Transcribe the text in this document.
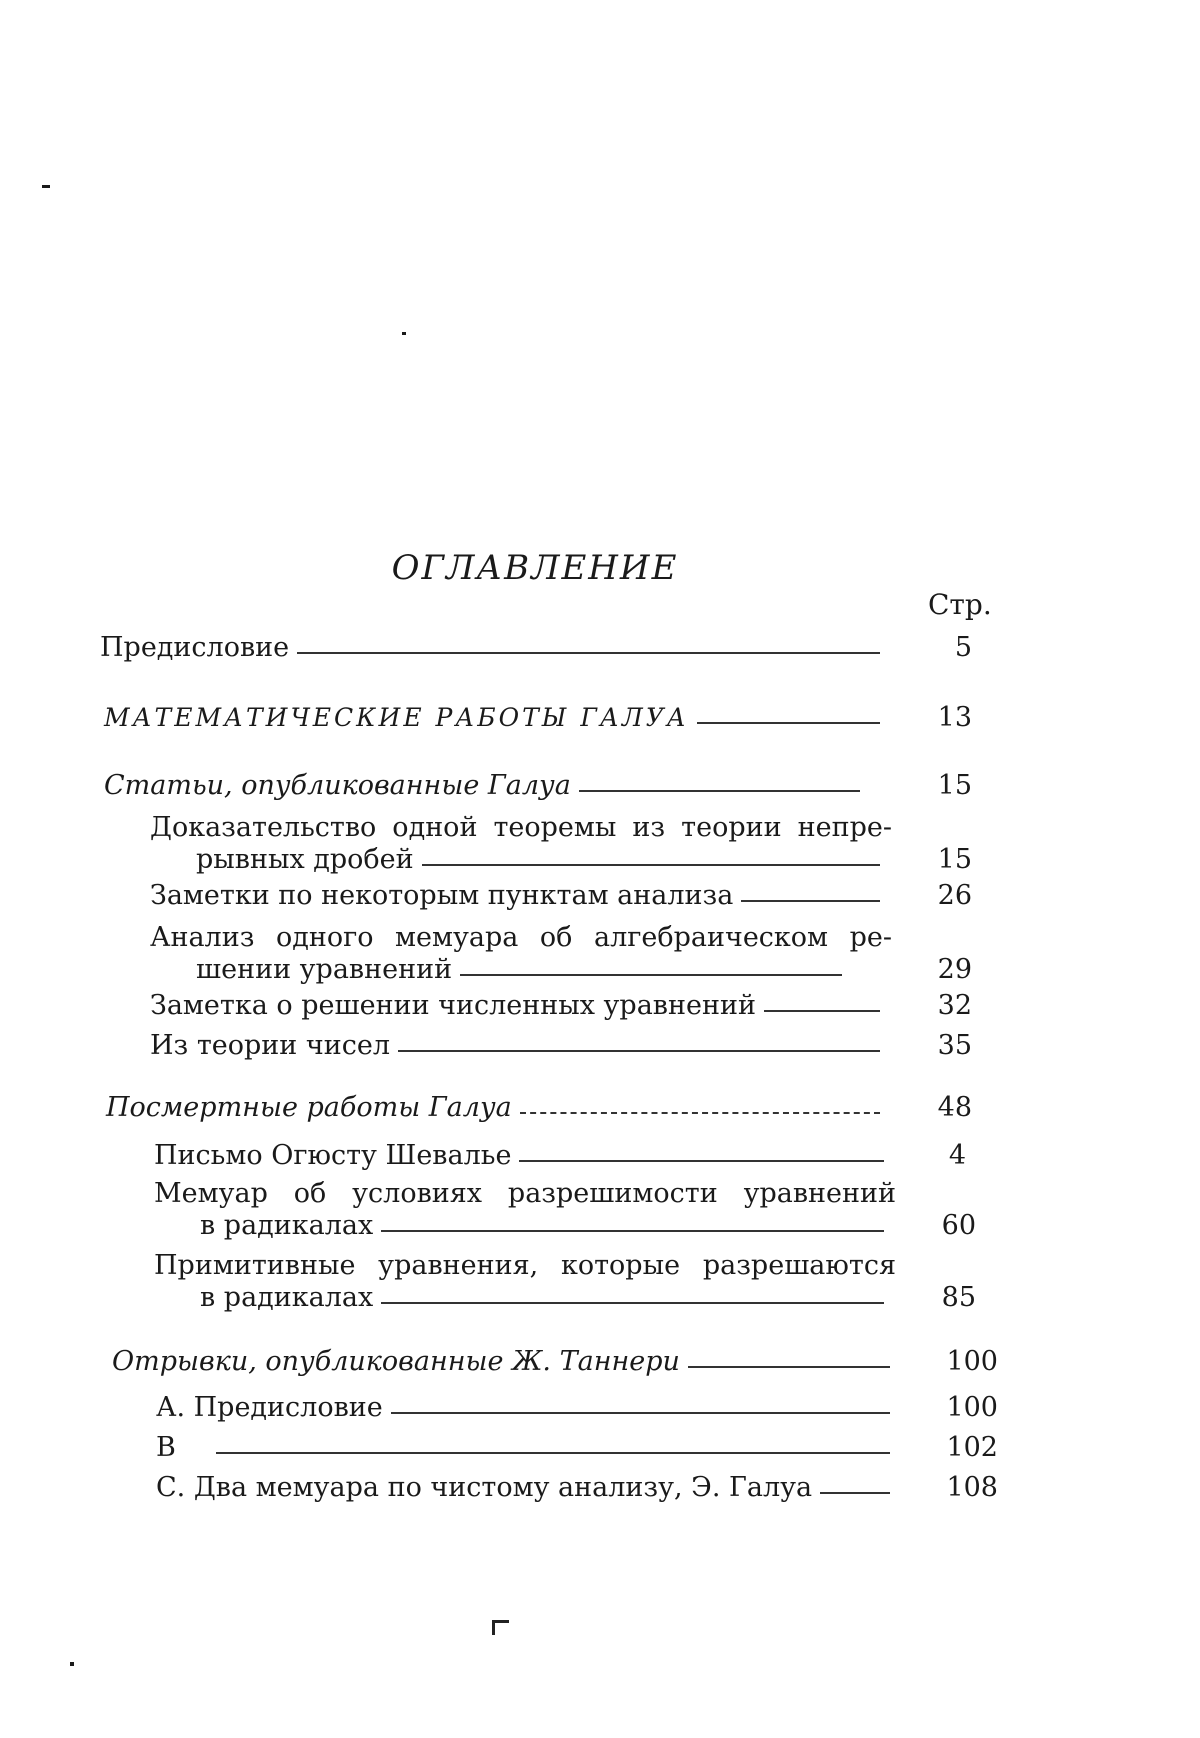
ОГЛАВЛЕНИЕ
Стр.
Предисловие	5
МАТЕМАТИЧЕСКИЕ РАБОТЫ ГАЛУА	13
Статьи, опубликованные Галуа	15
Доказательство одной теоремы из теории непре-
рывных дробей	15
Заметки по некоторым пунктам анализа	26
Анализ одного мемуара об алгебраическом ре-
шении уравнений	29
Заметка о решении численных уравнений	32
Из теории чисел	35
Посмертные работы Галуа	48
Письмо Огюсту Шевалье	4
Мемуар об условиях разрешимости уравнений
в радикалах	60
Примитивные уравнения, которые разрешаются
в радикалах	85
Отрывки, опубликованные Ж. Таннери	100
А. Предисловие	100
В	102
С. Два мемуара по чистому анализу, Э. Галуа	108
